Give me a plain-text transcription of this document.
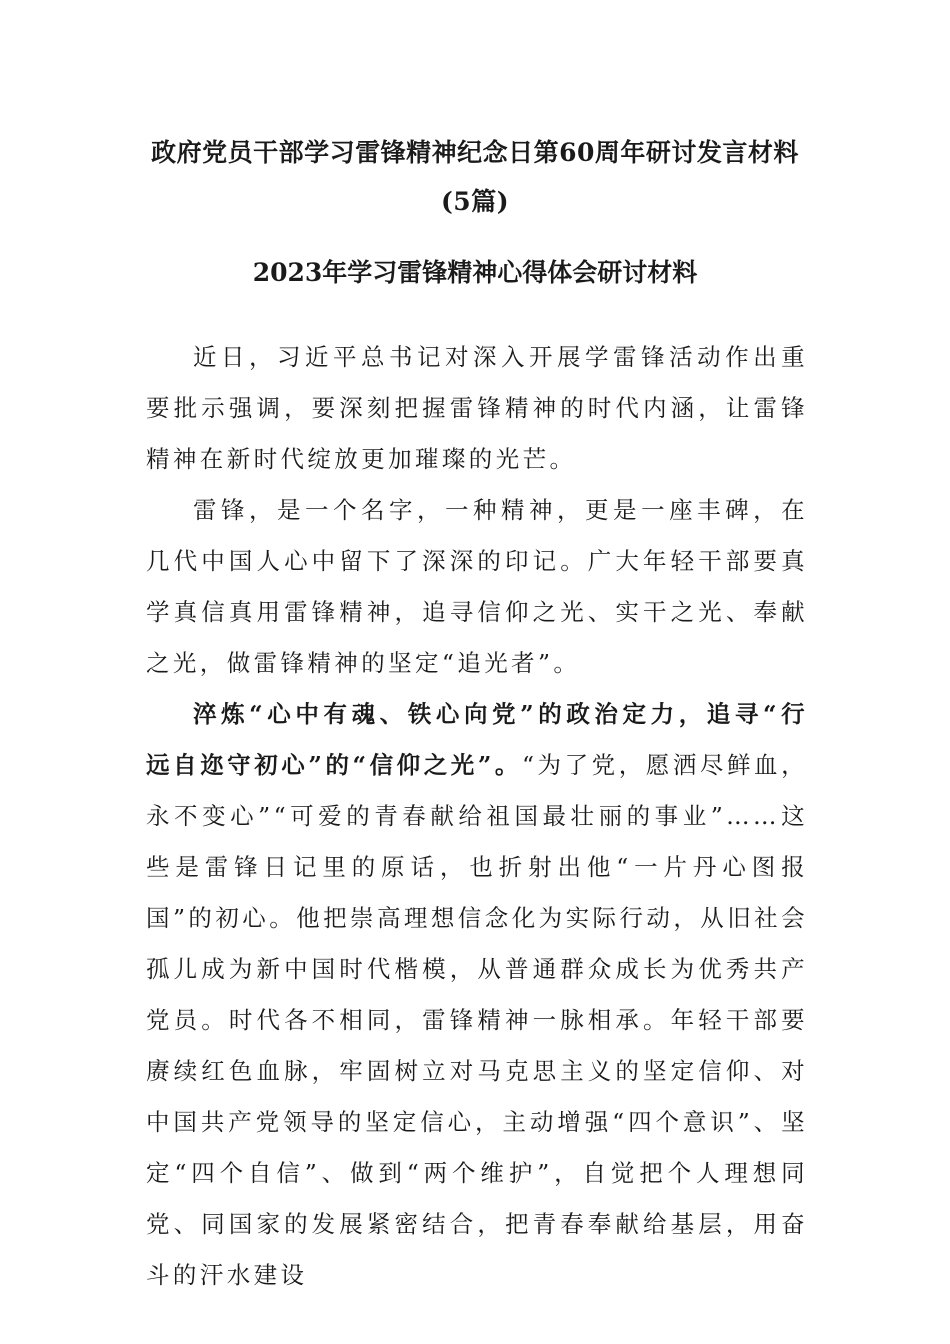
政府党员干部学习雷锋精神纪念日第60周年研讨发言材料
(5篇)
2023年学习雷锋精神心得体会研讨材料

近日，习近平总书记对深入开展学雷锋活动作出重要批示强调，要深刻把握雷锋精神的时代内涵，让雷锋精神在新时代绽放更加璀璨的光芒。

雷锋，是一个名字，一种精神，更是一座丰碑，在几代中国人心中留下了深深的印记。广大年轻干部要真学真信真用雷锋精神，追寻信仰之光、实干之光、奉献之光，做雷锋精神的坚定“追光者”。

淬炼“心中有魂、铁心向党”的政治定力，追寻“行远自迩守初心”的“信仰之光”。“为了党，愿洒尽鲜血，永不变心”“可爱的青春献给祖国最壮丽的事业”……这些是雷锋日记里的原话，也折射出他“一片丹心图报国”的初心。他把崇高理想信念化为实际行动，从旧社会孤儿成为新中国时代楷模，从普通群众成长为优秀共产党员。时代各不相同，雷锋精神一脉相承。年轻干部要赓续红色血脉，牢固树立对马克思主义的坚定信仰、对中国共产党领导的坚定信心，主动增强“四个意识”、坚定“四个自信”、做到“两个维护”，自觉把个人理想同党、同国家的发展紧密结合，把青春奉献给基层，用奋斗的汗水建设
